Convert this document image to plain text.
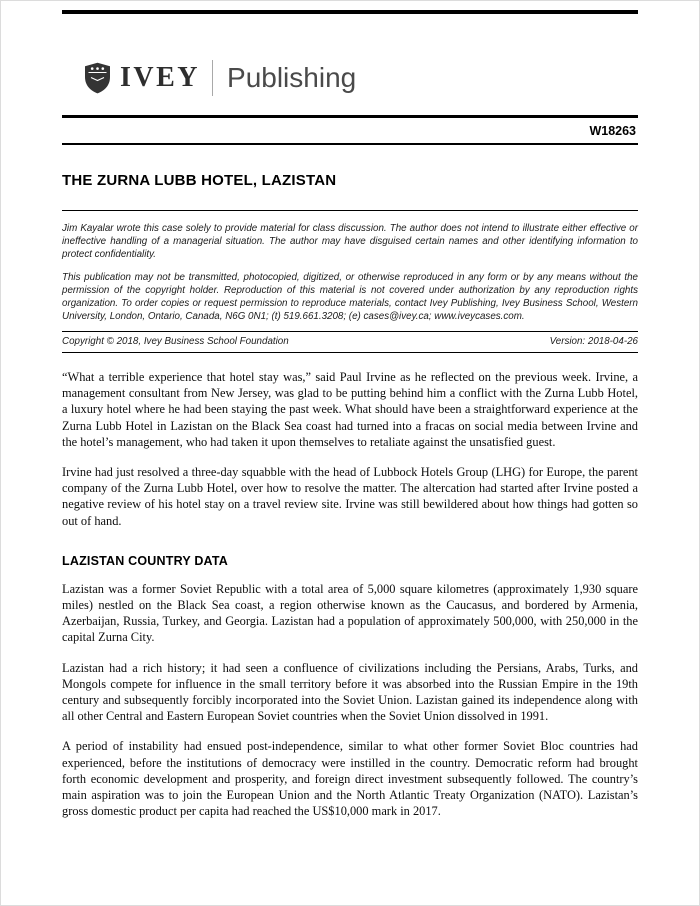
IVEY Publishing
W18263
THE ZURNA LUBB HOTEL, LAZISTAN

Jim Kayalar wrote this case solely to provide material for class discussion. The author does not intend to illustrate either effective or ineffective handling of a managerial situation. The author may have disguised certain names and other identifying information to protect confidentiality.

This publication may not be transmitted, photocopied, digitized, or otherwise reproduced in any form or by any means without the permission of the copyright holder. Reproduction of this material is not covered under authorization by any reproduction rights organization. To order copies or request permission to reproduce materials, contact Ivey Publishing, Ivey Business School, Western University, London, Ontario, Canada, N6G 0N1; (t) 519.661.3208; (e) cases@ivey.ca; www.iveycases.com.

Copyright © 2018, Ivey Business School Foundation	Version: 2018-04-26

“What a terrible experience that hotel stay was,” said Paul Irvine as he reflected on the previous week. Irvine, a management consultant from New Jersey, was glad to be putting behind him a conflict with the Zurna Lubb Hotel, a luxury hotel where he had been staying the past week. What should have been a straightforward experience at the Zurna Lubb Hotel in Lazistan on the Black Sea coast had turned into a fracas on social media between Irvine and the hotel’s management, who had taken it upon themselves to retaliate against the unsatisfied guest.

Irvine had just resolved a three-day squabble with the head of Lubbock Hotels Group (LHG) for Europe, the parent company of the Zurna Lubb Hotel, over how to resolve the matter. The altercation had started after Irvine posted a negative review of his hotel stay on a travel review site. Irvine was still bewildered about how things had gotten so out of hand.

LAZISTAN COUNTRY DATA

Lazistan was a former Soviet Republic with a total area of 5,000 square kilometres (approximately 1,930 square miles) nestled on the Black Sea coast, a region otherwise known as the Caucasus, and bordered by Armenia, Azerbaijan, Russia, Turkey, and Georgia. Lazistan had a population of approximately 500,000, with 250,000 in the capital Zurna City.

Lazistan had a rich history; it had seen a confluence of civilizations including the Persians, Arabs, Turks, and Mongols compete for influence in the small territory before it was absorbed into the Russian Empire in the 19th century and subsequently forcibly incorporated into the Soviet Union. Lazistan gained its independence along with all other Central and Eastern European Soviet countries when the Soviet Union dissolved in 1991.

A period of instability had ensued post-independence, similar to what other former Soviet Bloc countries had experienced, before the institutions of democracy were instilled in the country. Democratic reform had brought forth economic development and prosperity, and foreign direct investment subsequently followed. The country’s main aspiration was to join the European Union and the North Atlantic Treaty Organization (NATO). Lazistan’s gross domestic product per capita had reached the US$10,000 mark in 2017.
